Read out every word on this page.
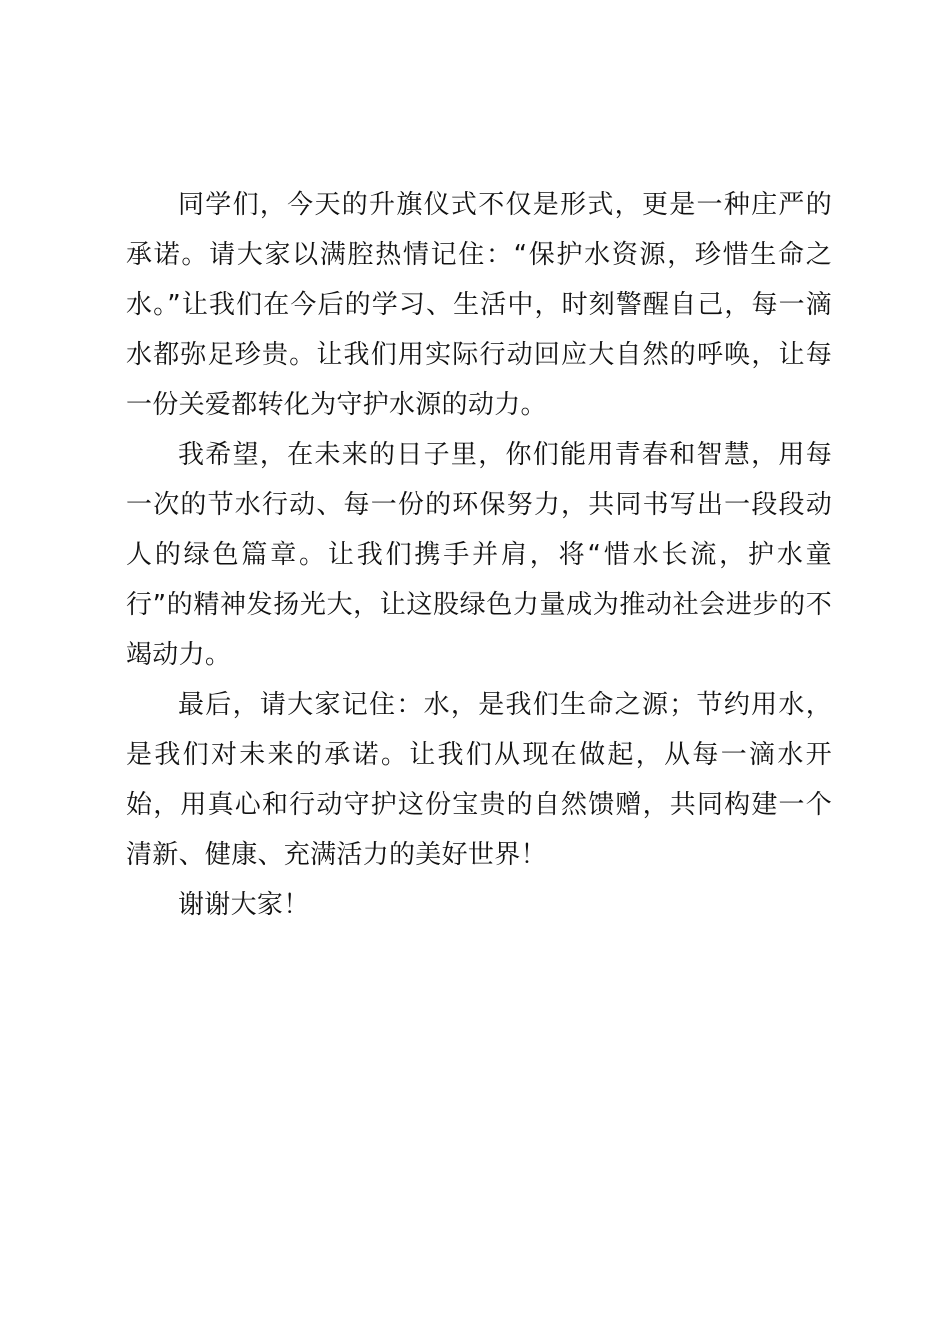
同学们，今天的升旗仪式不仅是形式，更是一种庄严的承诺。请大家以满腔热情记住：“保护水资源，珍惜生命之水。”让我们在今后的学习、生活中，时刻警醒自己，每一滴水都弥足珍贵。让我们用实际行动回应大自然的呼唤，让每一份关爱都转化为守护水源的动力。

我希望，在未来的日子里，你们能用青春和智慧，用每一次的节水行动、每一份的环保努力，共同书写出一段段动人的绿色篇章。让我们携手并肩，将“惜水长流，护水童行”的精神发扬光大，让这股绿色力量成为推动社会进步的不竭动力。

最后，请大家记住：水，是我们生命之源；节约用水，是我们对未来的承诺。让我们从现在做起，从每一滴水开始，用真心和行动守护这份宝贵的自然馈赠，共同构建一个清新、健康、充满活力的美好世界！

谢谢大家！
